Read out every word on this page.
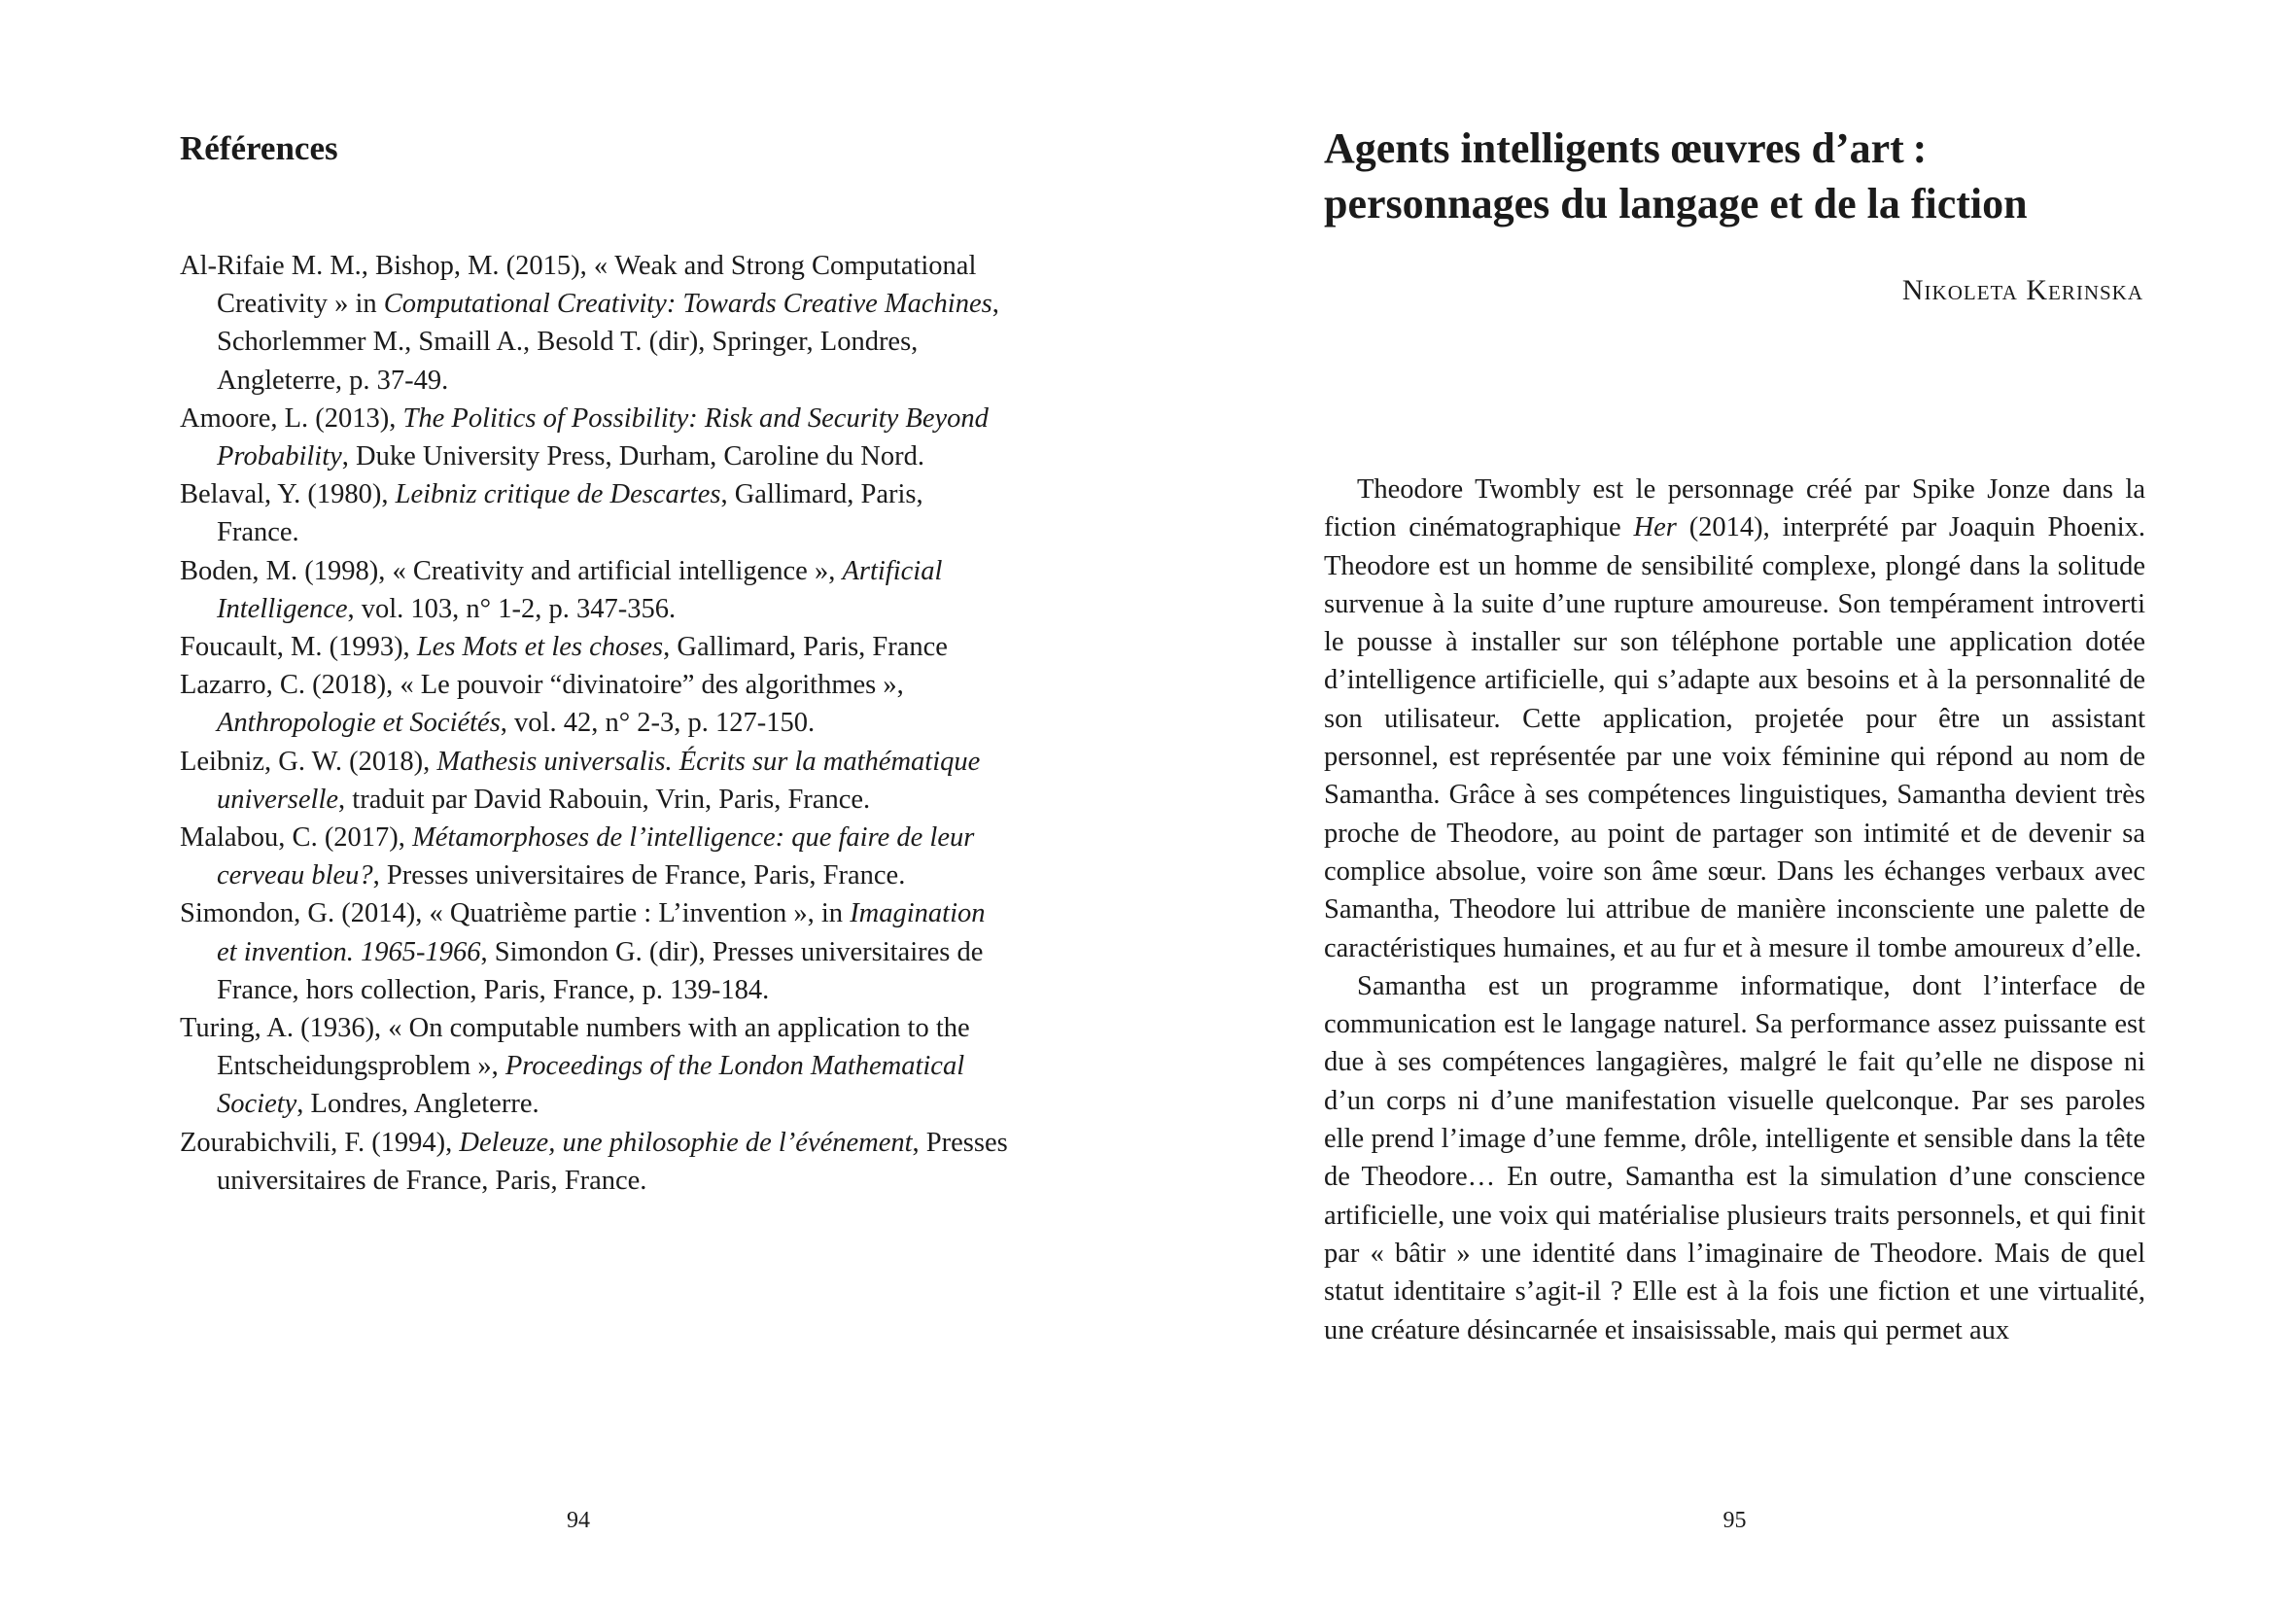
Références

Al-Rifaie M. M., Bishop, M. (2015), « Weak and Strong Computational Creativity » in Computational Creativity: Towards Creative Machines, Schorlemmer M., Smaill A., Besold T. (dir), Springer, Londres, Angleterre, p. 37-49.

Amoore, L. (2013), The Politics of Possibility: Risk and Security Beyond Probability, Duke University Press, Durham, Caroline du Nord.

Belaval, Y. (1980), Leibniz critique de Descartes, Gallimard, Paris, France.

Boden, M. (1998), « Creativity and artificial intelligence », Artificial Intelligence, vol. 103, n° 1-2, p. 347-356.

Foucault, M. (1993), Les Mots et les choses, Gallimard, Paris, France

Lazarro, C. (2018), « Le pouvoir “divinatoire” des algorithmes », Anthropologie et Sociétés, vol. 42, n° 2-3, p. 127-150.

Leibniz, G. W. (2018), Mathesis universalis. Écrits sur la mathématique universelle, traduit par David Rabouin, Vrin, Paris, France.

Malabou, C. (2017), Métamorphoses de l’intelligence: que faire de leur cerveau bleu?, Presses universitaires de France, Paris, France.

Simondon, G. (2014), « Quatrième partie : L’invention », in Imagination et invention. 1965-1966, Simondon G. (dir), Presses universitaires de France, hors collection, Paris, France, p. 139-184.

Turing, A. (1936), « On computable numbers with an application to the Entscheidungsproblem », Proceedings of the London Mathematical Society, Londres, Angleterre.

Zourabichvili, F. (1994), Deleuze, une philosophie de l’événement, Presses universitaires de France, Paris, France.

94
Agents intelligents œuvres d’art :
personnages du langage et de la fiction
Nikoleta Kerinska

Theodore Twombly est le personnage créé par Spike Jonze dans la fiction cinématographique Her (2014), interprété par Joaquin Phoenix. Theodore est un homme de sensibilité complexe, plongé dans la solitude survenue à la suite d’une rupture amoureuse. Son tempérament introverti le pousse à installer sur son téléphone portable une application dotée d’intelligence artificielle, qui s’adapte aux besoins et à la personnalité de son utilisateur. Cette application, projetée pour être un assistant personnel, est représentée par une voix féminine qui répond au nom de Samantha. Grâce à ses compétences linguistiques, Samantha devient très proche de Theodore, au point de partager son intimité et de devenir sa complice absolue, voire son âme sœur. Dans les échanges verbaux avec Samantha, Theodore lui attribue de manière inconsciente une palette de caractéristiques humaines, et au fur et à mesure il tombe amoureux d’elle.

Samantha est un programme informatique, dont l’interface de communication est le langage naturel. Sa performance assez puissante est due à ses compétences langagières, malgré le fait qu’elle ne dispose ni d’un corps ni d’une manifestation visuelle quelconque. Par ses paroles elle prend l’image d’une femme, drôle, intelligente et sensible dans la tête de Theodore… En outre, Samantha est la simulation d’une conscience artificielle, une voix qui matérialise plusieurs traits personnels, et qui finit par « bâtir » une identité dans l’imaginaire de Theodore. Mais de quel statut identitaire s’agit-il ? Elle est à la fois une fiction et une virtualité, une créature désincarnée et insaisissable, mais qui permet aux

95
